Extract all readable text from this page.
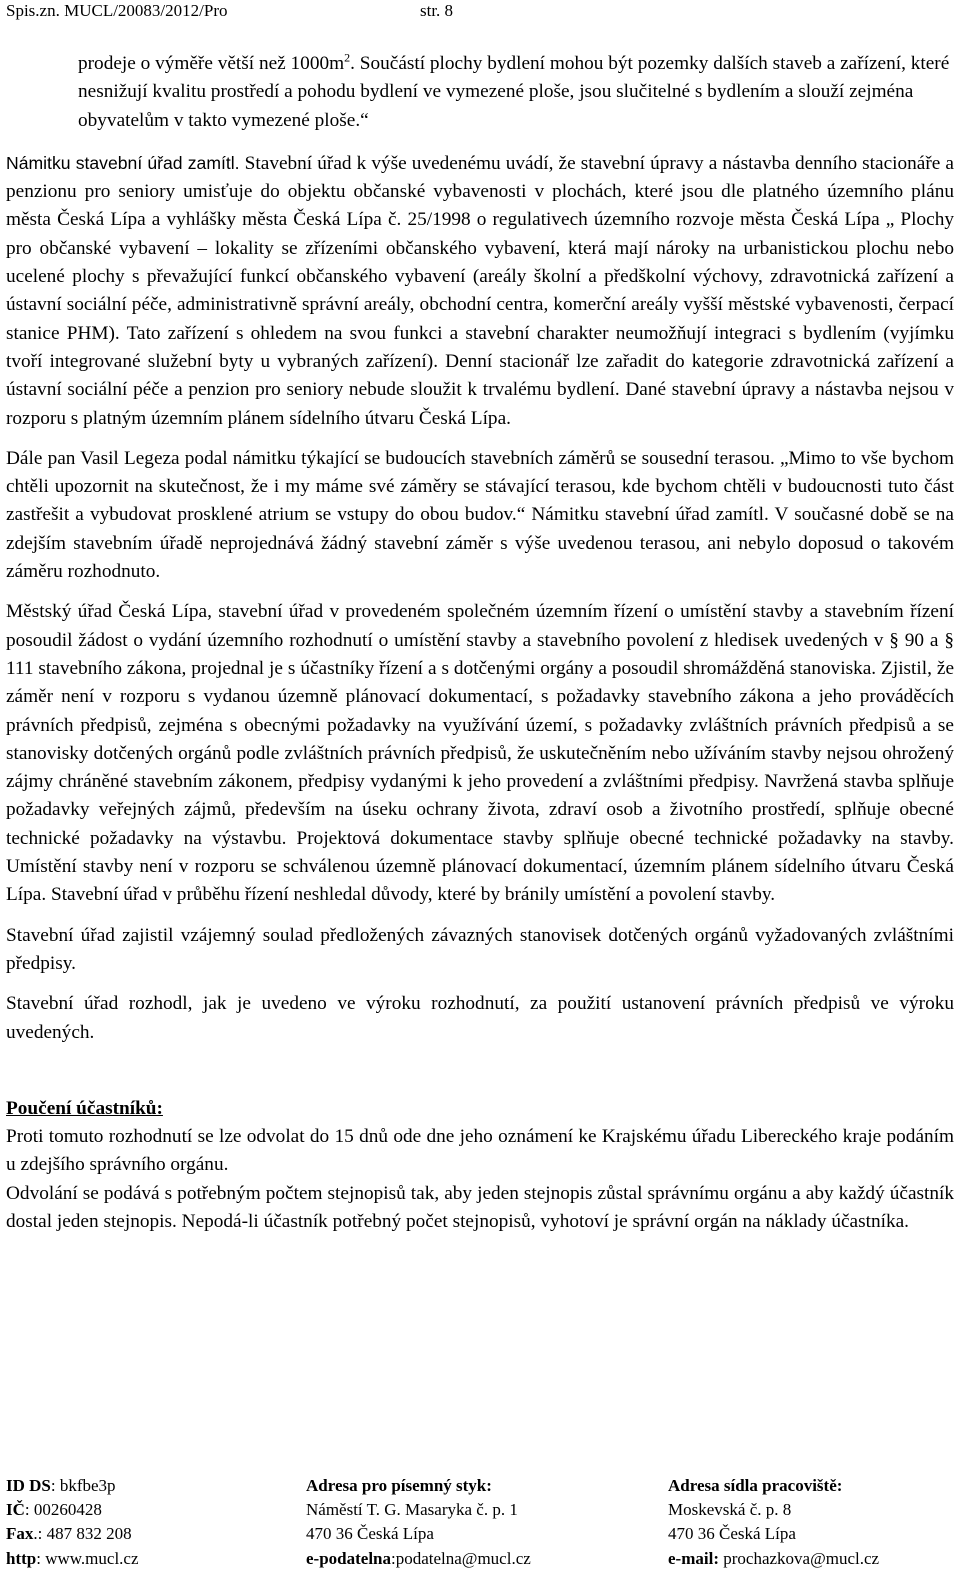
Spis.zn. MUCL/20083/2012/Pro	str. 8

prodeje o výměře větší než $1000m^2$. Součástí plochy bydlení mohou být pozemky dalších staveb a zařízení, které nesnižují kvalitu prostředí a pohodu bydlení ve vymezené ploše, jsou slučitelné s bydlením a slouží zejména obyvatelům v takto vymezené ploše.“

Námitku stavební úřad zamítl. Stavební úřad k výše uvedenému uvádí, že stavební úpravy a nástavba denního stacionáře a penzionu pro seniory umisťuje do objektu občanské vybavenosti v plochách, které jsou dle platného územního plánu města Česká Lípa a vyhlášky města Česká Lípa č. 25/1998 o regulativech územního rozvoje města Česká Lípa „ Plochy pro občanské vybavení – lokality se zřízeními občanského vybavení, která mají nároky na urbanistickou plochu nebo ucelené plochy s převažující funkcí občanského vybavení (areály školní a předškolní výchovy, zdravotnická zařízení a ústavní sociální péče, administrativně správní areály, obchodní centra, komerční areály vyšší městské vybavenosti, čerpací stanice PHM). Tato zařízení s ohledem na svou funkci a stavební charakter neumožňují integraci s bydlením (vyjímku tvoří integrované služební byty u vybraných zařízení). Denní stacionář lze zařadit do kategorie zdravotnická zařízení a ústavní sociální péče a penzion pro seniory nebude sloužit k trvalému bydlení. Dané stavební úpravy a nástavba nejsou v rozporu s platným územním plánem sídelního útvaru Česká Lípa.

Dále pan Vasil Legeza podal námitku týkající se budoucích stavebních záměrů se sousední terasou. „Mimo to vše bychom chtěli upozornit na skutečnost, že i my máme své záměry se stávající terasou, kde bychom chtěli v budoucnosti tuto část zastřešit a vybudovat prosklené atrium se vstupy do obou budov.“ Námitku stavební úřad zamítl. V současné době se na zdejším stavebním úřadě neprojednává žádný stavební záměr s výše uvedenou terasou, ani nebylo doposud o takovém záměru rozhodnuto.

Městský úřad Česká Lípa, stavební úřad v provedeném společném územním řízení o umístění stavby a stavebním řízení posoudil žádost o vydání územního rozhodnutí o umístění stavby a stavebního povolení z hledisek uvedených v § 90 a § 111 stavebního zákona, projednal je s účastníky řízení a s dotčenými orgány a posoudil shromážděná stanoviska. Zjistil, že záměr není v rozporu s vydanou územně plánovací dokumentací, s požadavky stavebního zákona a jeho prováděcích právních předpisů, zejména s obecnými požadavky na využívání území, s požadavky zvláštních právních předpisů a se stanovisky dotčených orgánů podle zvláštních právních předpisů, že uskutečněním nebo užíváním stavby nejsou ohrožený zájmy chráněné stavebním zákonem, předpisy vydanými k jeho provedení a zvláštními předpisy. Navržená stavba splňuje požadavky veřejných zájmů, především na úseku ochrany života, zdraví osob a životního prostředí, splňuje obecné technické požadavky na výstavbu. Projektová dokumentace stavby splňuje obecné technické požadavky na stavby. Umístění stavby není v rozporu se schválenou územně plánovací dokumentací, územním plánem sídelního útvaru Česká Lípa. Stavební úřad v průběhu řízení neshledal důvody, které by bránily umístění a povolení stavby.

Stavební úřad zajistil vzájemný soulad předložených závazných stanovisek dotčených orgánů vyžadovaných zvláštními předpisy.

Stavební úřad rozhodl, jak je uvedeno ve výroku rozhodnutí, za použití ustanovení právních předpisů ve výroku uvedených.

Poučení účastníků:

Proti tomuto rozhodnutí se lze odvolat do 15 dnů ode dne jeho oznámení ke Krajskému úřadu Libereckého kraje podáním u zdejšího správního orgánu.

Odvolání se podává s potřebným počtem stejnopisů tak, aby jeden stejnopis zůstal správnímu orgánu a aby každý účastník dostal jeden stejnopis. Nepodá-li účastník potřebný počet stejnopisů, vyhotoví je správní orgán na náklady účastníka.

ID DS: bkfbe3p
IČ: 00260428
Fax.: 487 832 208
http: www.mucl.cz
Adresa pro písemný styk:
Náměstí T. G. Masaryka č. p. 1
470 36 Česká Lípa
e-podatelna:podatelna@mucl.cz
Adresa sídla pracoviště:
Moskevská č. p. 8
470 36 Česká Lípa
e-mail: prochazkova@mucl.cz
